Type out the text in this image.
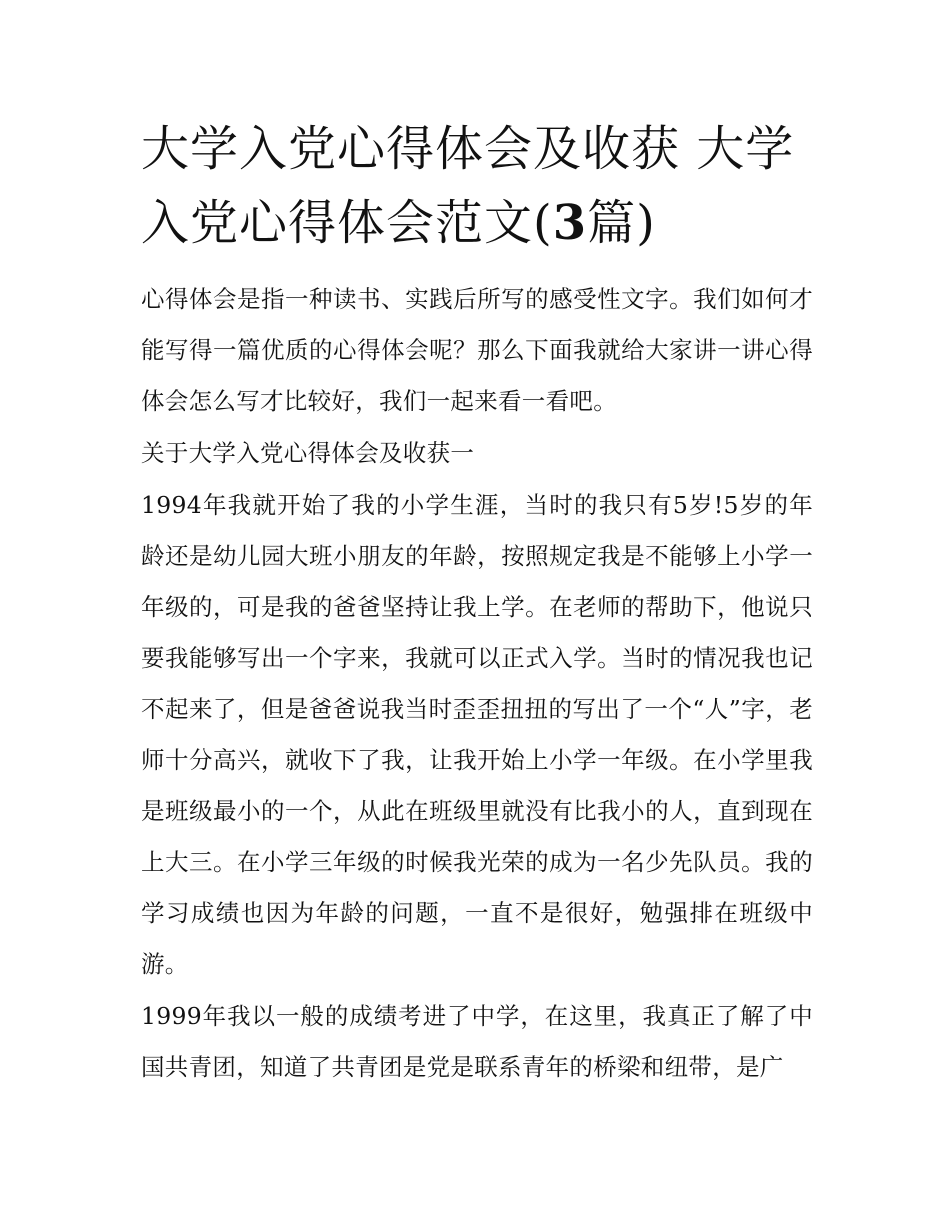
大学入党心得体会及收获 大学入党心得体会范文(3篇)

心得体会是指一种读书、实践后所写的感受性文字。我们如何才能写得一篇优质的心得体会呢？那么下面我就给大家讲一讲心得体会怎么写才比较好，我们一起来看一看吧。

关于大学入党心得体会及收获一

1994年我就开始了我的小学生涯，当时的我只有5岁!5岁的年龄还是幼儿园大班小朋友的年龄，按照规定我是不能够上小学一年级的，可是我的爸爸坚持让我上学。在老师的帮助下，他说只要我能够写出一个字来，我就可以正式入学。当时的情况我也记不起来了，但是爸爸说我当时歪歪扭扭的写出了一个“人”字，老师十分高兴，就收下了我，让我开始上小学一年级。在小学里我是班级最小的一个，从此在班级里就没有比我小的人，直到现在上大三。在小学三年级的时候我光荣的成为一名少先队员。我的学习成绩也因为年龄的问题，一直不是很好，勉强排在班级中游。

1999年我以一般的成绩考进了中学，在这里，我真正了解了中国共青团，知道了共青团是党是联系青年的桥梁和纽带，是广
